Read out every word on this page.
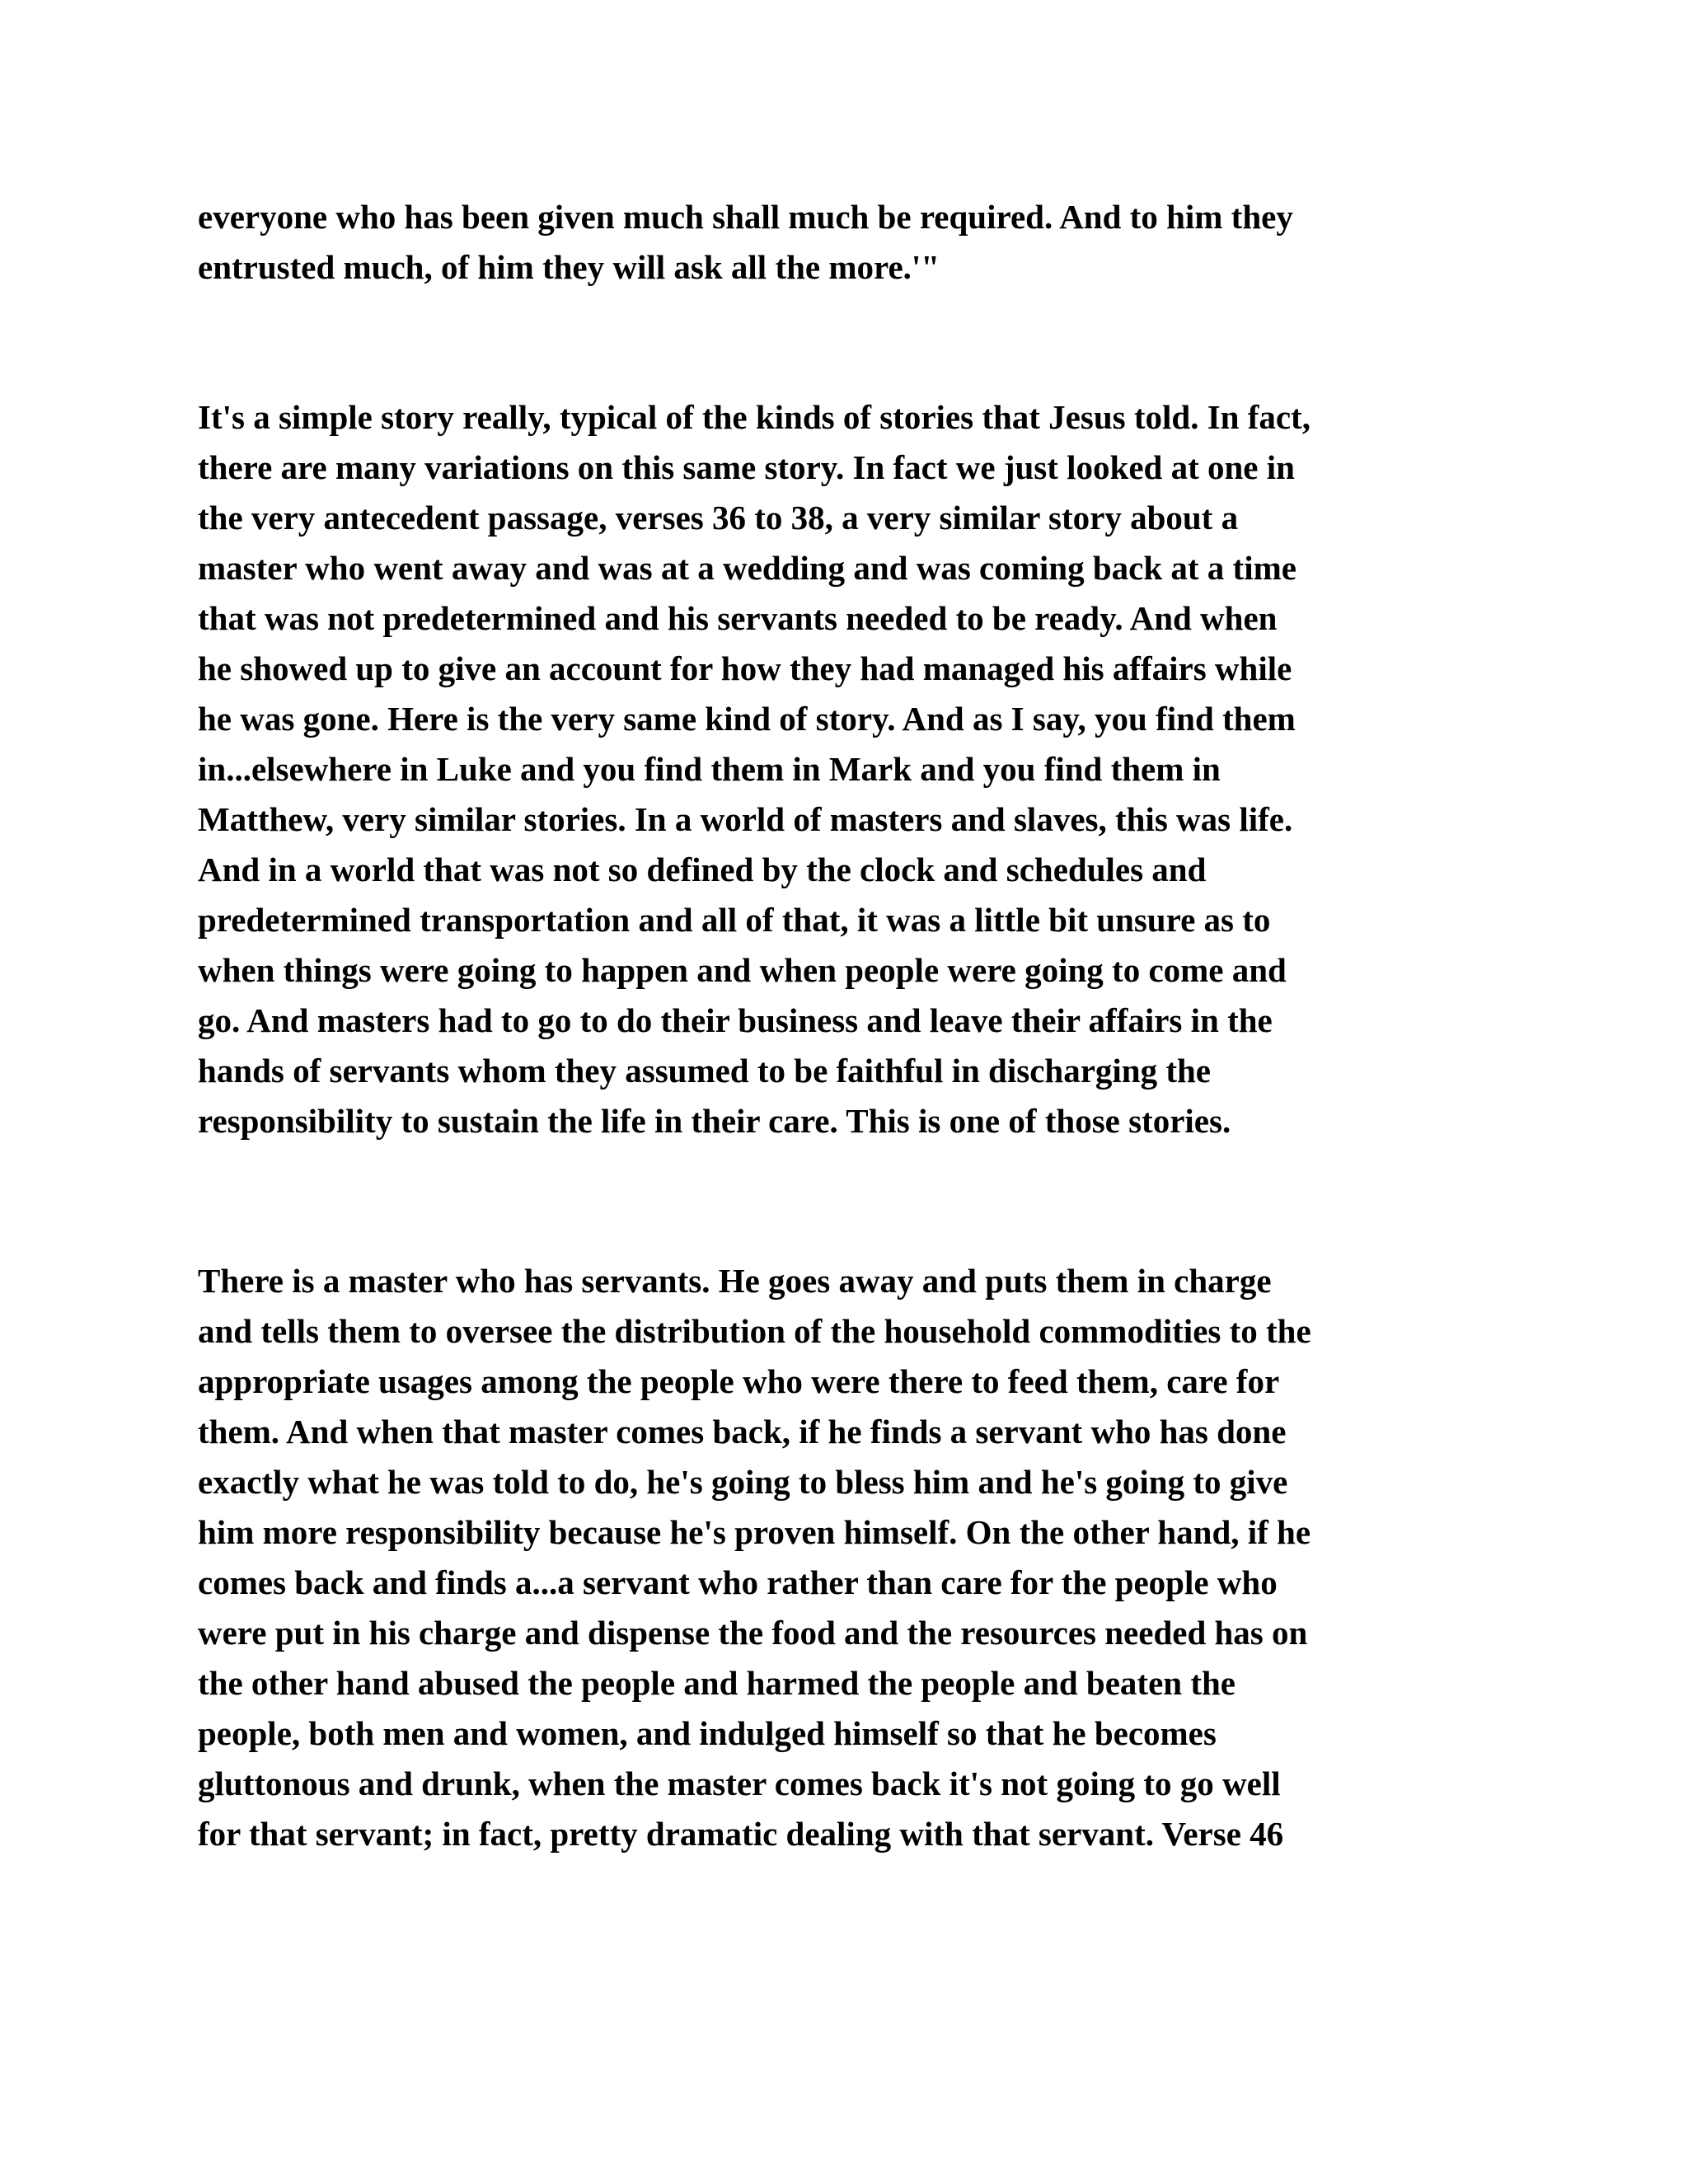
everyone who has been given much shall much be required. And to him they

entrusted much, of him they will ask all the more.'"

It's a simple story really, typical of the kinds of stories that Jesus told. In fact,

there are many variations on this same story. In fact we just looked at one in

the very antecedent passage, verses 36 to 38, a very similar story about a

master who went away and was at a wedding and was coming back at a time

that was not predetermined and his servants needed to be ready. And when

he showed up to give an account for how they had managed his affairs while

he was gone. Here is the very same kind of story. And as I say, you find them

in...elsewhere in Luke and you find them in Mark and you find them in

Matthew, very similar stories. In a world of masters and slaves, this was life.

And in a world that was not so defined by the clock and schedules and

predetermined transportation and all of that, it was a little bit unsure as to

when things were going to happen and when people were going to come and

go. And masters had to go to do their business and leave their affairs in the

hands of servants whom they assumed to be faithful in discharging the

responsibility to sustain the life in their care. This is one of those stories.

There is a master who has servants. He goes away and puts them in charge

and tells them to oversee the distribution of the household commodities to the

appropriate usages among the people who were there to feed them, care for

them. And when that master comes back, if he finds a servant who has done

exactly what he was told to do, he's going to bless him and he's going to give

him more responsibility because he's proven himself. On the other hand, if he

comes back and finds a...a servant who rather than care for the people who

were put in his charge and dispense the food and the resources needed has on

the other hand abused the people and harmed the people and beaten the

people, both men and women, and indulged himself so that he becomes

gluttonous and drunk, when the master comes back it's not going to go well

for that servant; in fact, pretty dramatic dealing with that servant. Verse 46
